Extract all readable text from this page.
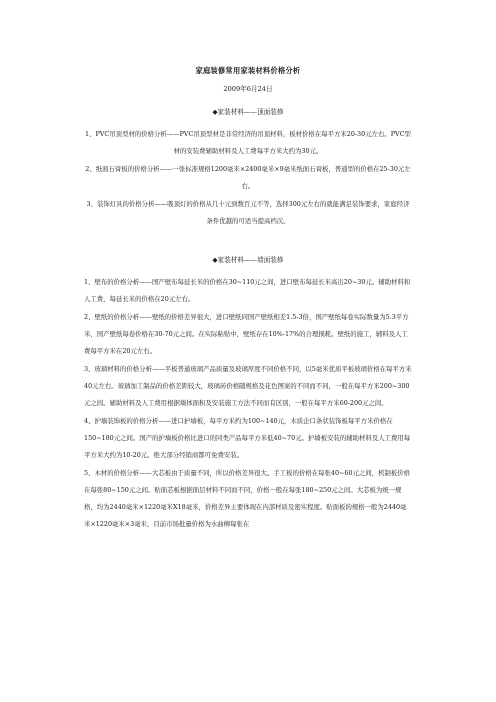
家庭装修常用家装材料价格分析
2009年6月24日
◆家装材料——顶面装修

1、PVC吊顶型材的价格分析——PVC吊顶型材是非常经济的吊顶材料，板材价格在每平方米20-30元左右。PVC型材的安装费辅助材料及人工费每平方米大约为30元。

2、纸面石膏板的价格分析——一张标准规格1200毫米×2400毫米×9毫米纸面石膏板，普通型的价格在25-30元左右。

3、装饰灯具的价格分析——吸顶灯的价格从几十元到数百元不等，选择300元左右的就能满足装饰要求，家庭经济条件优越的可适当提高档次。

◆家装材料——墙面装修

1、壁布的价格分析——国产壁布每延长米的价格在30~110元之间，进口壁布每延长米高出20~30元。辅助材料和人工费，每延长米的价格在20元左右。

2、壁纸的价格分析——壁纸的价格差异很大，进口壁纸同国产壁纸相差1.5-3倍，国产壁纸每卷实际数量为5.3平方米，国产壁纸每卷价格在30-70元之间。在实际粘贴中，壁纸存在10%-17%的合理损耗。壁纸的施工，辅料及人工费每平方米在20元左右。

3、玻璃材料的价格分析——平板普通玻璃产品质量及玻璃厚度不同价格不同，以5毫米优质平板玻璃价格在每平方米40元左右。玻璃加工制品的价格差距较大，玻璃砖价格随规格及花色图案的不同而不同，一般在每平方米200~300元之间。辅助材料及人工费用根据墙体面积及安装施工方法不同而有区别，一般在每平方米60-200元之间。

4、护墙装饰板的价格分析——进口护墙板，每平方米约为100~140元，木质企口条状装饰板每平方米价格在150~180元之间。国产的护墙板价格比进口的同类产品每平方米低40~70元。护墙板安装的辅助材料及人工费用每平方米大约为10-20元。绝大部分经销商都可免费安装。

5、木材的价格分析——大芯板由于质量不同，所以价格差异很大。手工板的价格在每张40~60元之间，机制板价格在每张80~150元之间。贴面芯板根据面层材料不同而不同，价格一般在每张180~250元之间。大芯板为统一规格，均为2440毫米×1220毫米X18毫米，价格差异主要体现在内部材质及密实程度。贴面板的规格一般为2440毫米×1220毫米×3毫米，目前市场批量价格为水曲柳每张在
